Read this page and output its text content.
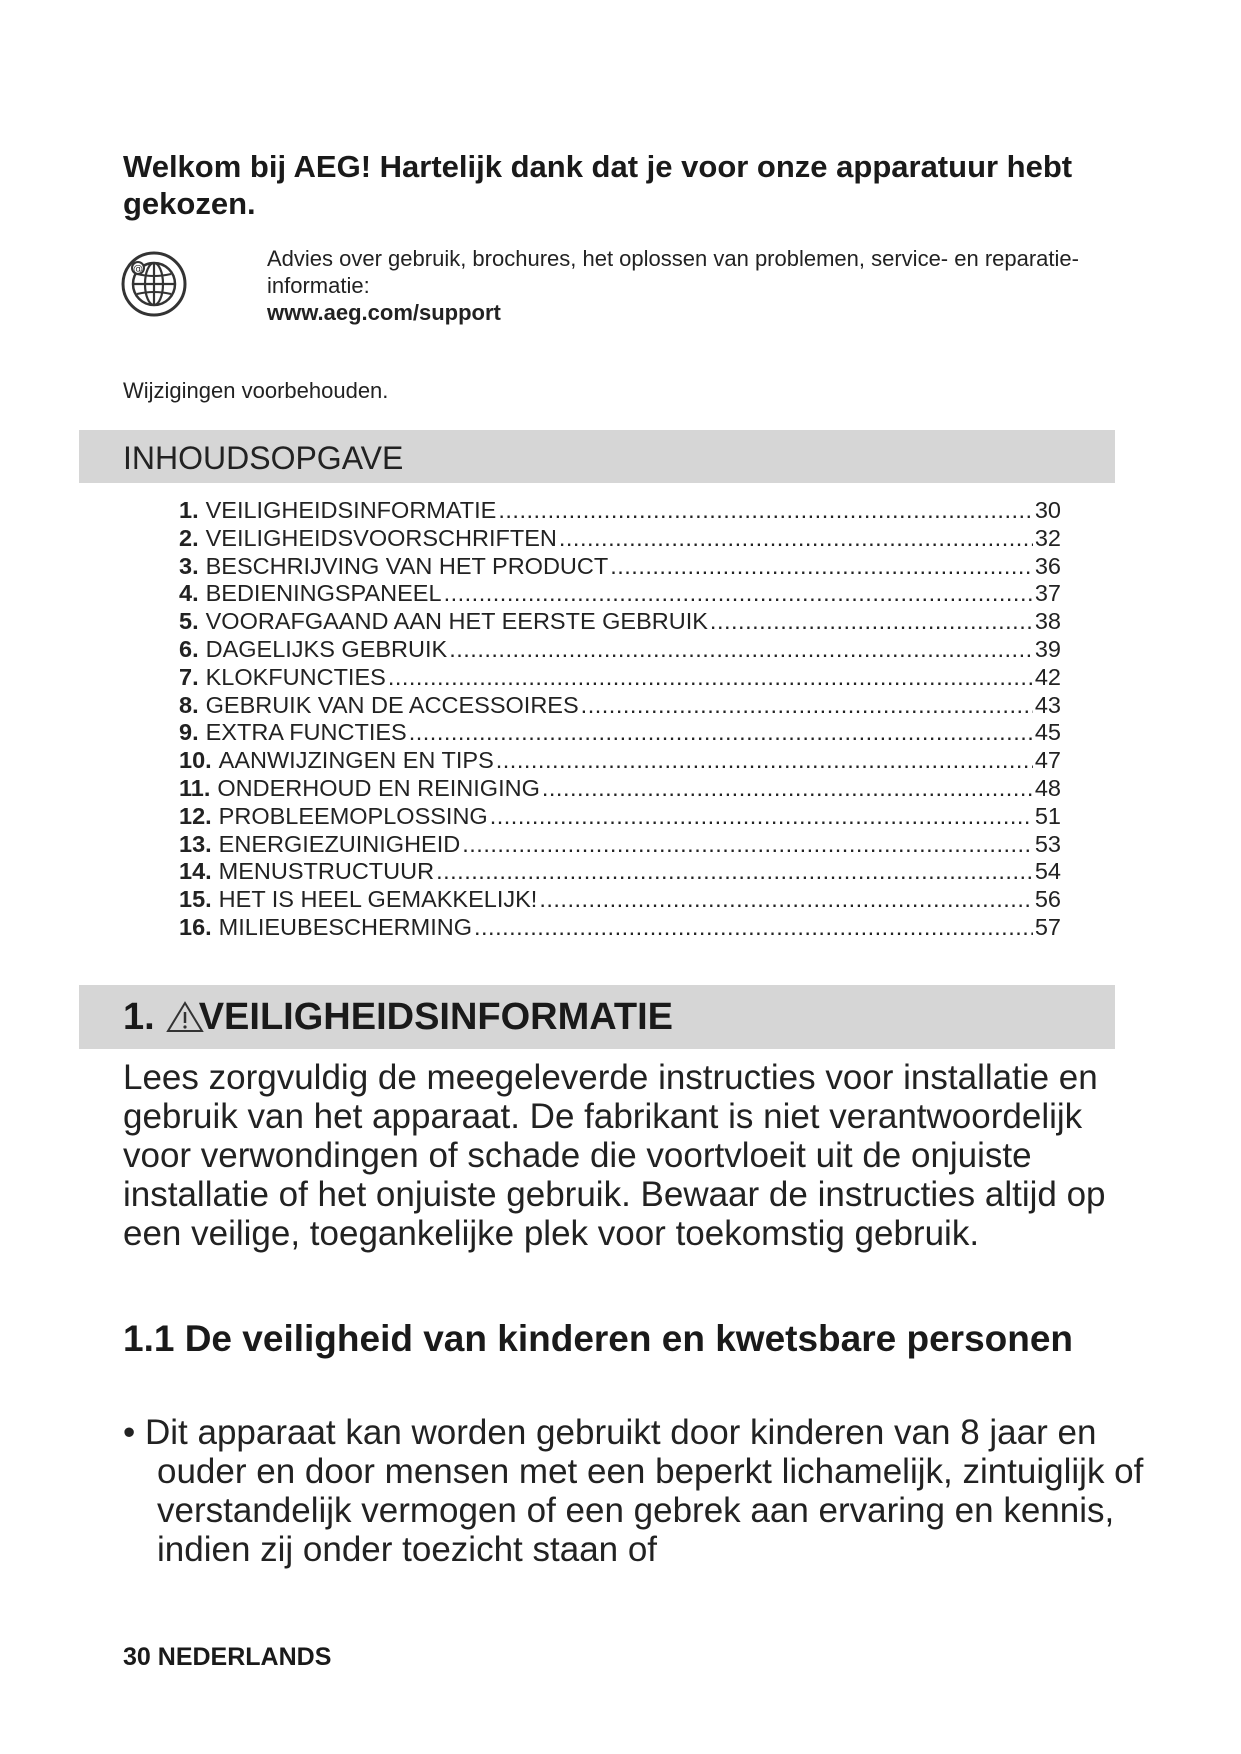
Welkom bij AEG! Hartelijk dank dat je voor onze apparatuur hebt gekozen.
@	Advies over gebruik, brochures, het oplossen van problemen, service- en reparatie-informatie:
www.aeg.com/support
Wijzigingen voorbehouden.
INHOUDSOPGAVE
1. VEILIGHEIDSINFORMATIE .....	30
2. VEILIGHEIDSVOORSCHRIFTEN .....	32
3. BESCHRIJVING VAN HET PRODUCT .....	36
4. BEDIENINGSPANEEL .....	37
5. VOORAFGAAND AAN HET EERSTE GEBRUIK .....	38
6. DAGELIJKS GEBRUIK .....	39
7. KLOKFUNCTIES .....	42
8. GEBRUIK VAN DE ACCESSOIRES .....	43
9. EXTRA FUNCTIES .....	45
10. AANWIJZINGEN EN TIPS .....	47
11. ONDERHOUD EN REINIGING .....	48
12. PROBLEEMOPLOSSING .....	51
13. ENERGIEZUINIGHEID .....	53
14. MENUSTRUCTUUR .....	54
15. HET IS HEEL GEMAKKELIJK! .....	56
16. MILIEUBESCHERMING .....	57
1. VEILIGHEIDSINFORMATIE

Lees zorgvuldig de meegeleverde instructies voor installatie en gebruik van het apparaat. De fabrikant is niet verantwoordelijk voor verwondingen of schade die voortvloeit uit de onjuiste installatie of het onjuiste gebruik. Bewaar de instructies altijd op een veilige, toegankelijke plek voor toekomstig gebruik.

1.1 De veiligheid van kinderen en kwetsbare personen

• Dit apparaat kan worden gebruikt door kinderen van 8 jaar en ouder en door mensen met een beperkt lichamelijk, zintuiglijk of verstandelijk vermogen of een gebrek aan ervaring en kennis, indien zij onder toezicht staan of

30 NEDERLANDS
